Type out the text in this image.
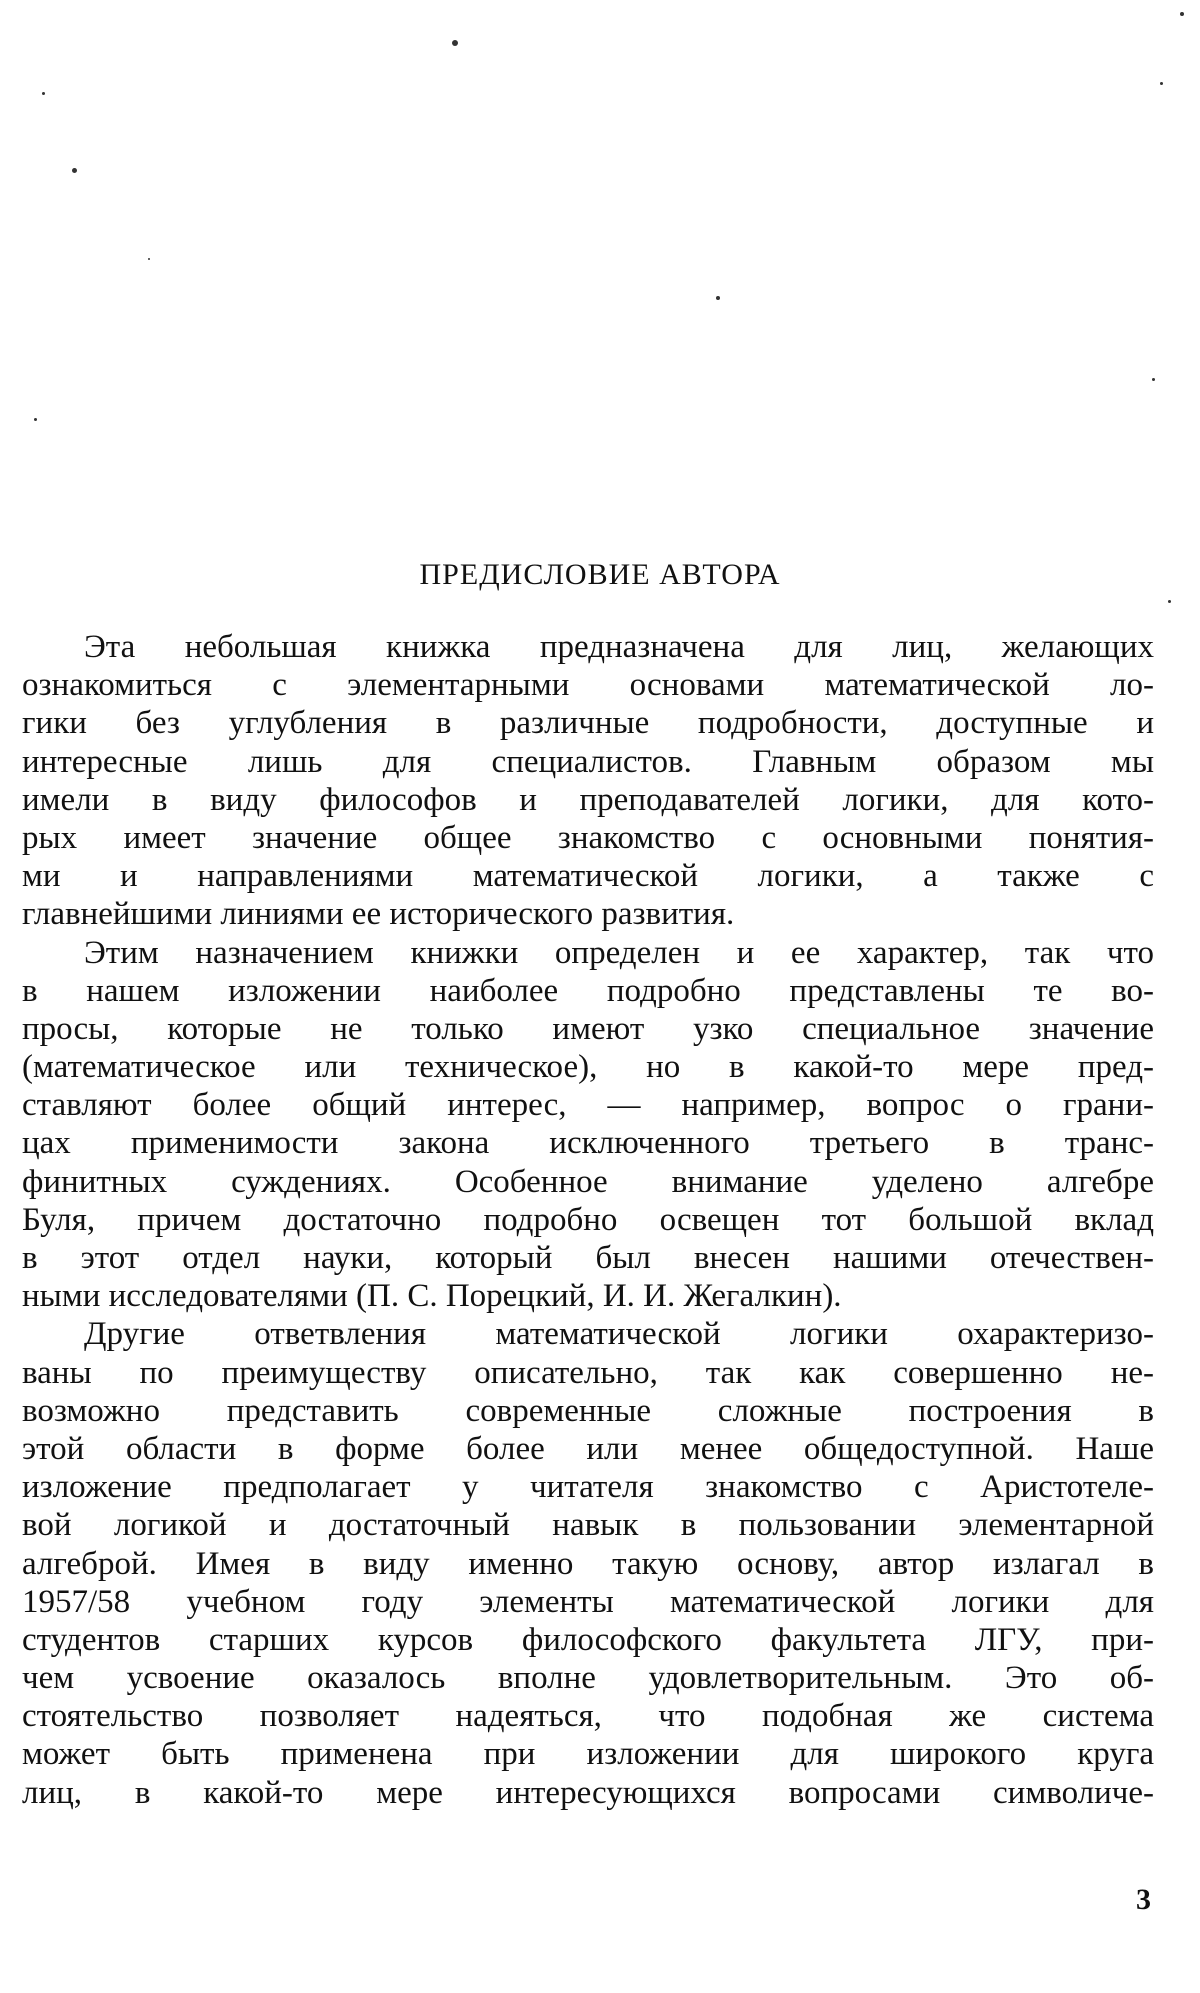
ПРЕДИСЛОВИЕ АВТОРА
Эта небольшая книжка предназначена для лиц, желающих
ознакомиться с элементарными основами математической ло-
гики без углубления в различные подробности, доступные и
интересные лишь для специалистов. Главным образом мы
имели в виду философов и преподавателей логики, для кото-
рых имеет значение общее знакомство с основными понятия-
ми и направлениями математической логики, а также с
главнейшими линиями ее исторического развития.
Этим назначением книжки определен и ее характер, так что
в нашем изложении наиболее подробно представлены те во-
просы, которые не только имеют узко специальное значение
(математическое или техническое), но в какой-то мере пред-
ставляют более общий интерес, — например, вопрос о грани-
цах применимости закона исключенного третьего в транс-
финитных суждениях. Особенное внимание уделено алгебре
Буля, причем достаточно подробно освещен тот большой вклад
в этот отдел науки, который был внесен нашими отечествен-
ными исследователями (П. С. Порецкий, И. И. Жегалкин).
Другие ответвления математической логики охарактеризо-
ваны по преимуществу описательно, так как совершенно не-
возможно представить современные сложные построения в
этой области в форме более или менее общедоступной. Наше
изложение предполагает у читателя знакомство с Аристотеле-
вой логикой и достаточный навык в пользовании элементарной
алгеброй. Имея в виду именно такую основу, автор излагал в
1957/58 учебном году элементы математической логики для
студентов старших курсов философского факультета ЛГУ, при-
чем усвоение оказалось вполне удовлетворительным. Это об-
стоятельство позволяет надеяться, что подобная же система
может быть применена при изложении для широкого круга
лиц, в какой-то мере интересующихся вопросами символиче-
3
